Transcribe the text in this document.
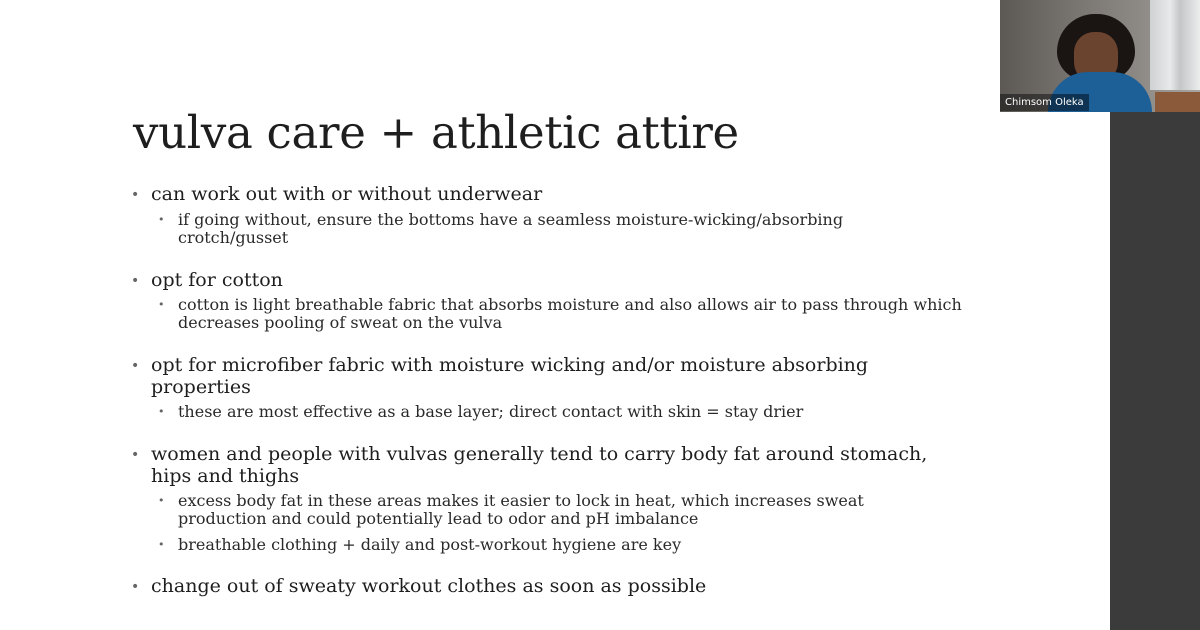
vulva care + athletic attire
• can work out with or without underwear
• if going without, ensure the bottoms have a seamless moisture-wicking/absorbing crotch/gusset
• opt for cotton
• cotton is light breathable fabric that absorbs moisture and also allows air to pass through which decreases pooling of sweat on the vulva
• opt for microfiber fabric with moisture wicking and/or moisture absorbing properties
• these are most effective as a base layer; direct contact with skin = stay drier
• women and people with vulvas generally tend to carry body fat around stomach, hips and thighs
• excess body fat in these areas makes it easier to lock in heat, which increases sweat production and could potentially lead to odor and pH imbalance
• breathable clothing + daily and post-workout hygiene are key
• change out of sweaty workout clothes as soon as possible
Chimsom Oleka
